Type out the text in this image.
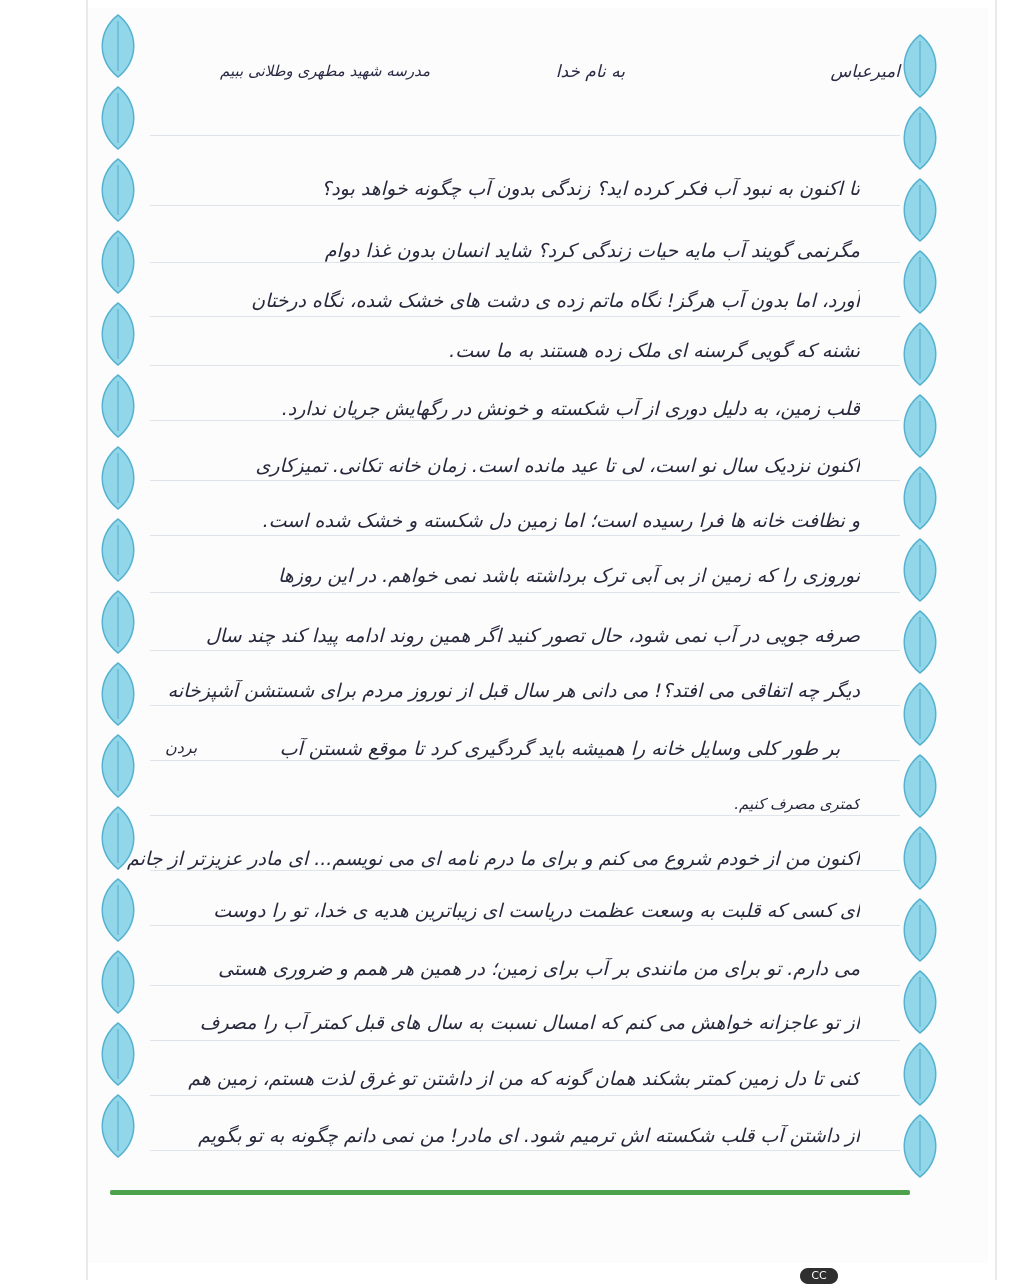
امیرعباس
به نام خدا
مدرسه شهید مطهری وطلانی ببیم
تا اکنون به نبود آب فکر کرده اید؟ زندگی بدون آب چگونه خواهد بود؟
مگرنمی گویند آب مایه حیات زندگی کرد؟ شاید انسان بدون غذا دوام
آورد، اما بدون آب هرگز! نگاه ماتم زده ی دشت های خشک شده، نگاه درختان
تشنه که گویی گرسنه ای ملک زده هستند به ما ست.
قلب زمین، به دلیل دوری از آب شکسته و خونش در رگهایش جریان ندارد.
اکنون نزدیک سال نو است، لی تا عید مانده است. زمان خانه تکانی. تمیزکاری
و نظافت خانه ها فرا رسیده است؛ اما زمین دل شکسته و خشک شده است.
نوروزی را که زمین از بی آبی ترک برداشته باشد نمی خواهم. در این روزها
صرفه جویی در آب نمی شود، حال تصور کنید اگر همین روند ادامه پیدا کند چند سال
دیگر چه اتفاقی می افتد؟! می دانی هر سال قبل از نوروز مردم برای شستشن آشپزخانه
بر طور کلی وسایل خانه را همیشه باید گردگیری کرد تا موقع شستن آب
کمتری مصرف کنیم.
اکنون من از خودم شروع می کنم و برای ما درم نامه ای می نویسم... ای مادر عزیزتر از جانم
ای کسی که قلبت به وسعت عظمت دریاست ای زیباترین هدیه ی خدا، تو را دوست
می دارم. تو برای من مانندی بر آب برای زمین؛ در همین هر همم و ضروری هستی
از تو عاجزانه خواهش می کنم که امسال نسبت به سال های قبل کمتر آب را مصرف
کنی تا دل زمین کمتر بشکند همان گونه که من از داشتن تو غرق لذت هستم، زمین هم
از داشتن آب قلب شکسته اش ترمیم شود. ای مادر! من نمی دانم چگونه به تو بگویم
بردن
CC
